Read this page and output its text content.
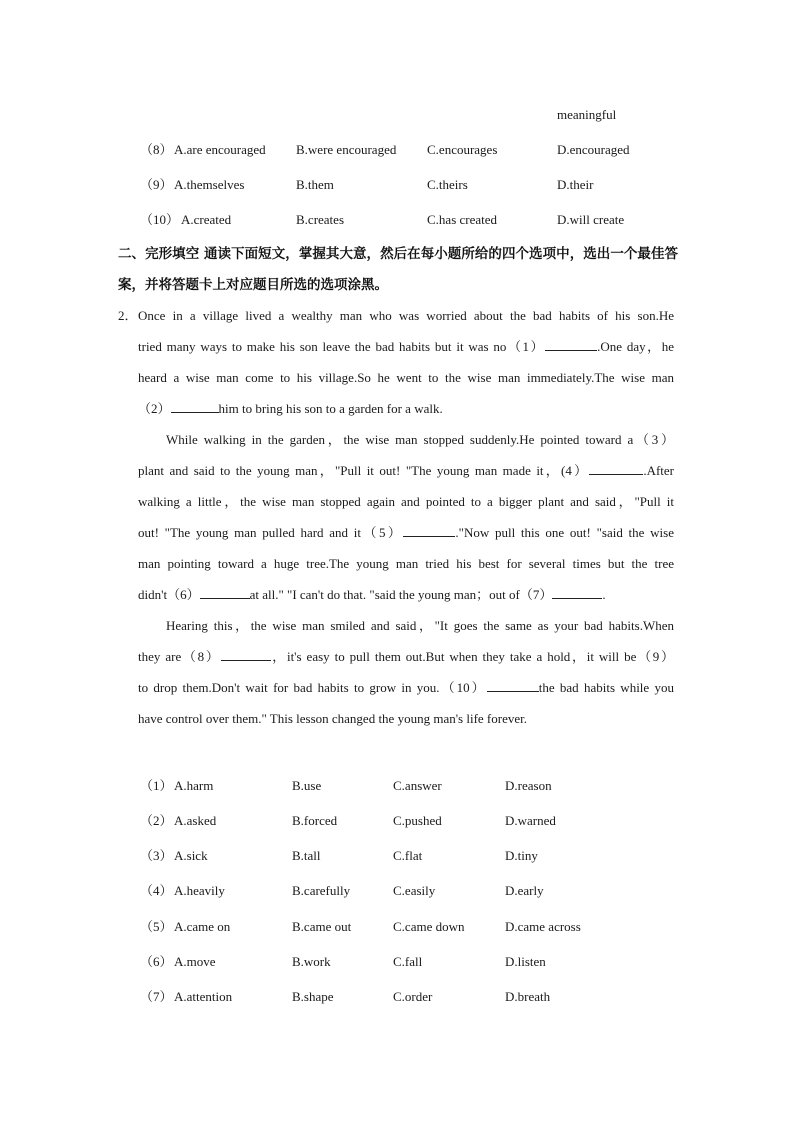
meaningful
（8） A.are encouraged B.were encouraged C.encourages	D.encouraged
（9） A.themselves	B.them	C.theirs	D.their
（10） A.created	B.creates	C.has created	D.will create
二、完形填空 通读下面短文，掌握其大意，然后在每小题所给的四个选项中，选出一个最佳答案，并将答题卡上对应题目所选的选项涂黑。
2． Once in a village lived a wealthy man who was worried about the bad habits of his son.He
tried many ways to make his son leave the bad habits but it was no（1）	.One day，he
heard a wise man come to his village.So he went to the wise man immediately.The wise man
（2）	him to bring his son to a garden for a walk.
While walking in the garden，the wise man stopped suddenly.He pointed toward a（3）
plant and said to the young man，"Pull it out! "The young man made it，(4）	.After
walking a little，the wise man stopped again and pointed to a bigger plant and said，"Pull it
out! "The young man pulled hard and it（5）	."Now pull this one out! "said the wise
man pointing toward a huge tree.The young man tried his best for several times but the tree
didn't（6）	at all." "I can't do that. "said the young man；out of（7）	.
Hearing this，the wise man smiled and said，"It goes the same as your bad habits.When
they are（8）	，it's easy to pull them out.But when they take a hold，it will be（9）
to drop them.Don't wait for bad habits to grow in you.（10）	the bad habits while you
have control over them." This lesson changed the young man's life forever.
（1） A.harm	B.use	C.answer	D.reason
（2） A.asked	B.forced	C.pushed	D.warned
（3） A.sick	B.tall	C.flat	D.tiny
（4） A.heavily	B.carefully	C.easily	D.early
（5） A.came on	B.came out	C.came down	D.came across
（6） A.move	B.work	C.fall	D.listen
（7） A.attention	B.shape	C.order	D.breath
